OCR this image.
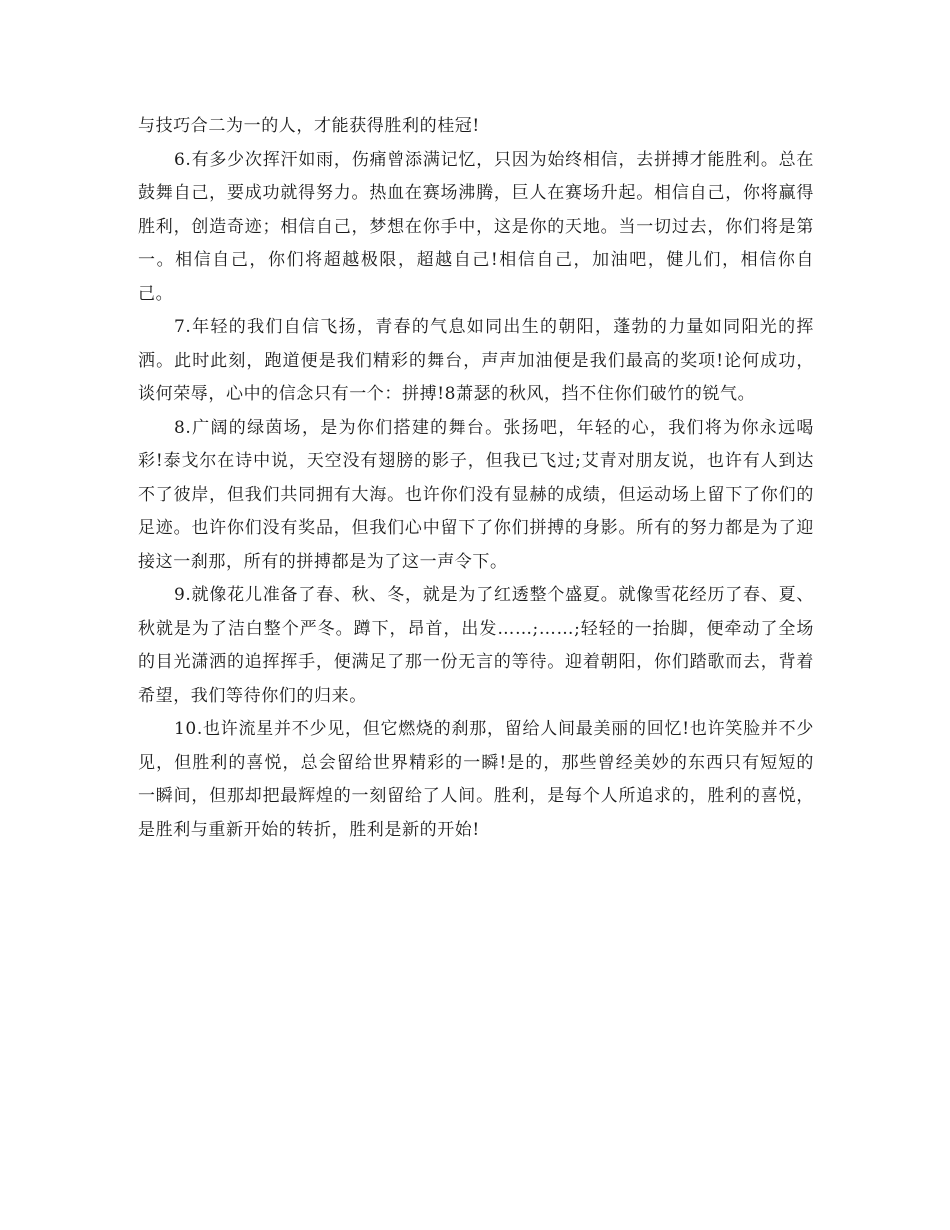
与技巧合二为一的人，才能获得胜利的桂冠!

6.有多少次挥汗如雨，伤痛曾添满记忆，只因为始终相信，去拼搏才能胜利。总在鼓舞自己，要成功就得努力。热血在赛场沸腾，巨人在赛场升起。相信自己，你将赢得胜利，创造奇迹；相信自己，梦想在你手中，这是你的天地。当一切过去，你们将是第一。相信自己，你们将超越极限，超越自己!相信自己，加油吧，健儿们，相信你自己。

7.年轻的我们自信飞扬，青春的气息如同出生的朝阳，蓬勃的力量如同阳光的挥洒。此时此刻，跑道便是我们精彩的舞台，声声加油便是我们最高的奖项!论何成功，谈何荣辱，心中的信念只有一个：拼搏!8萧瑟的秋风，挡不住你们破竹的锐气。

8.广阔的绿茵场，是为你们搭建的舞台。张扬吧，年轻的心，我们将为你永远喝彩!泰戈尔在诗中说，天空没有翅膀的影子，但我已飞过;艾青对朋友说，也许有人到达不了彼岸，但我们共同拥有大海。也许你们没有显赫的成绩，但运动场上留下了你们的足迹。也许你们没有奖品，但我们心中留下了你们拼搏的身影。所有的努力都是为了迎接这一刹那，所有的拼搏都是为了这一声令下。

9.就像花儿准备了春、秋、冬，就是为了红透整个盛夏。就像雪花经历了春、夏、秋就是为了洁白整个严冬。蹲下，昂首，出发……;……;轻轻的一抬脚，便牵动了全场的目光潇洒的追挥挥手，便满足了那一份无言的等待。迎着朝阳，你们踏歌而去，背着希望，我们等待你们的归来。

10.也许流星并不少见，但它燃烧的刹那，留给人间最美丽的回忆!也许笑脸并不少见，但胜利的喜悦，总会留给世界精彩的一瞬!是的，那些曾经美妙的东西只有短短的一瞬间，但那却把最辉煌的一刻留给了人间。胜利，是每个人所追求的，胜利的喜悦，是胜利与重新开始的转折，胜利是新的开始!
